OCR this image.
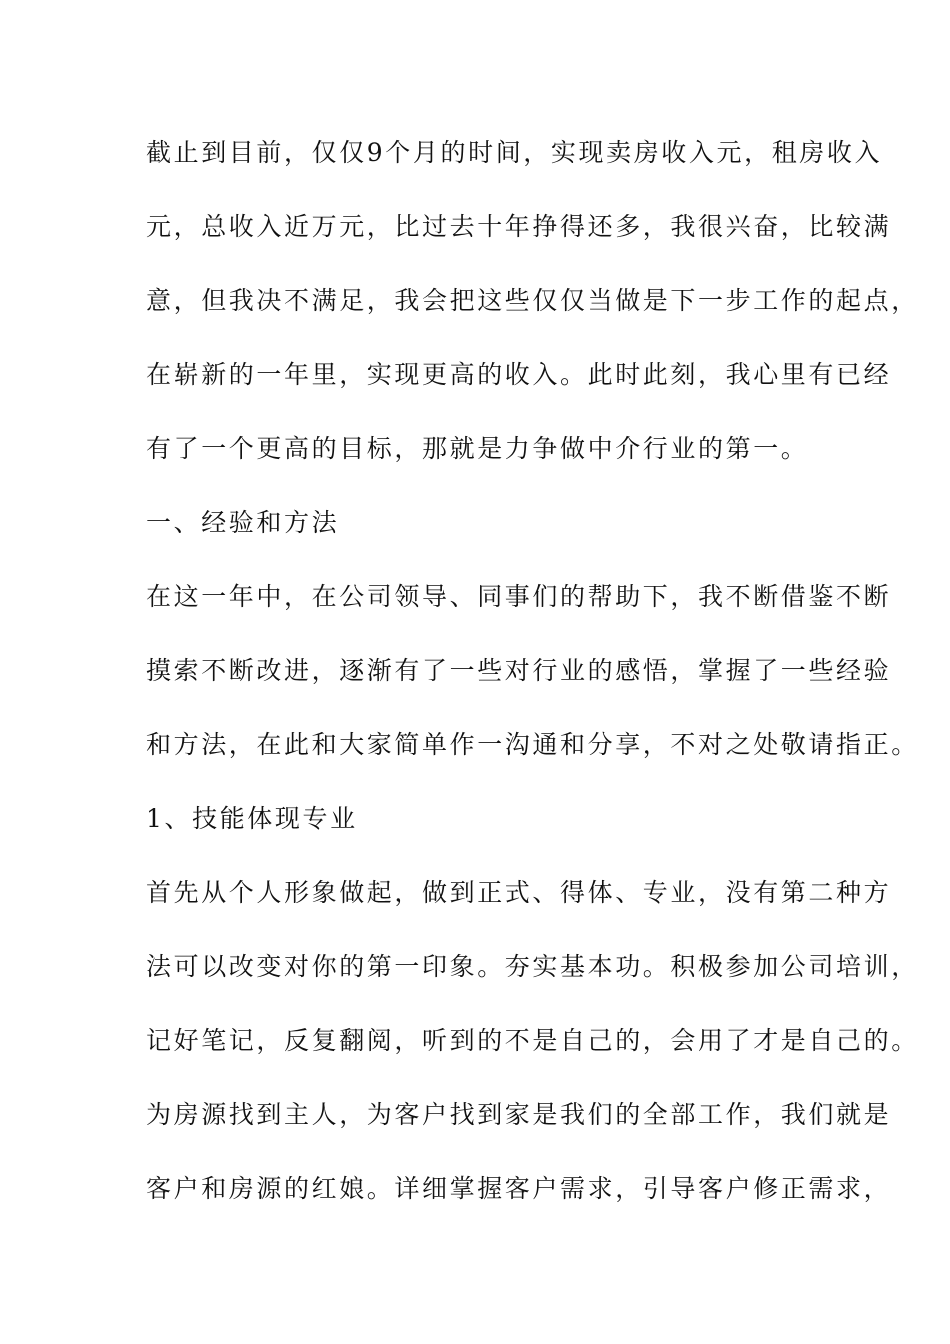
截止到目前，仅仅9个月的时间，实现卖房收入元，租房收入
元，总收入近万元，比过去十年挣得还多，我很兴奋，比较满
意，但我决不满足，我会把这些仅仅当做是下一步工作的起点，
在崭新的一年里，实现更高的收入。此时此刻，我心里有已经
有了一个更高的目标，那就是力争做中介行业的第一。
一、经验和方法
在这一年中，在公司领导、同事们的帮助下，我不断借鉴不断
摸索不断改进，逐渐有了一些对行业的感悟，掌握了一些经验
和方法，在此和大家简单作一沟通和分享，不对之处敬请指正。
1、技能体现专业
首先从个人形象做起，做到正式、得体、专业，没有第二种方
法可以改变对你的第一印象。夯实基本功。积极参加公司培训，
记好笔记，反复翻阅，听到的不是自己的，会用了才是自己的。
为房源找到主人，为客户找到家是我们的全部工作，我们就是
客户和房源的红娘。详细掌握客户需求，引导客户修正需求，
